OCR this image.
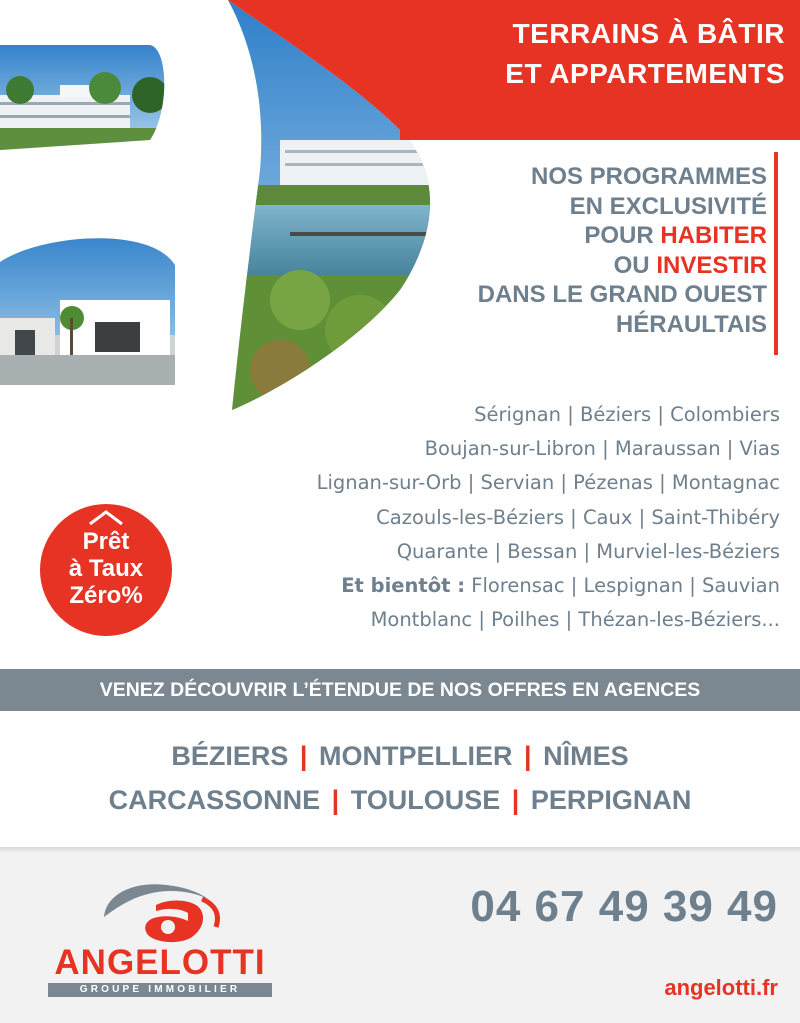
TERRAINS À BÂTIR
ET APPARTEMENTS
NOS PROGRAMMES
EN EXCLUSIVITÉ
POUR HABITER
OU INVESTIR
DANS LE GRAND OUEST
HÉRAULTAIS
Sérignan | Béziers | Colombiers
Boujan-sur-Libron | Maraussan | Vias
Lignan-sur-Orb | Servian | Pézenas | Montagnac
Cazouls-les-Béziers | Caux | Saint-Thibéry
Quarante | Bessan | Murviel-les-Béziers
Et bientôt : Florensac | Lespignan | Sauvian
Montblanc | Poilhes | Thézan-les-Béziers...
Prêt
à Taux
Zéro%
VENEZ DÉCOUVRIR L’ÉTENDUE DE NOS OFFRES EN AGENCES
BÉZIERS | MONTPELLIER | NÎMES
CARCASSONNE | TOULOUSE | PERPIGNAN
ANGELOTTI
GROUPE IMMOBILIER
04 67 49 39 49
angelotti.fr
